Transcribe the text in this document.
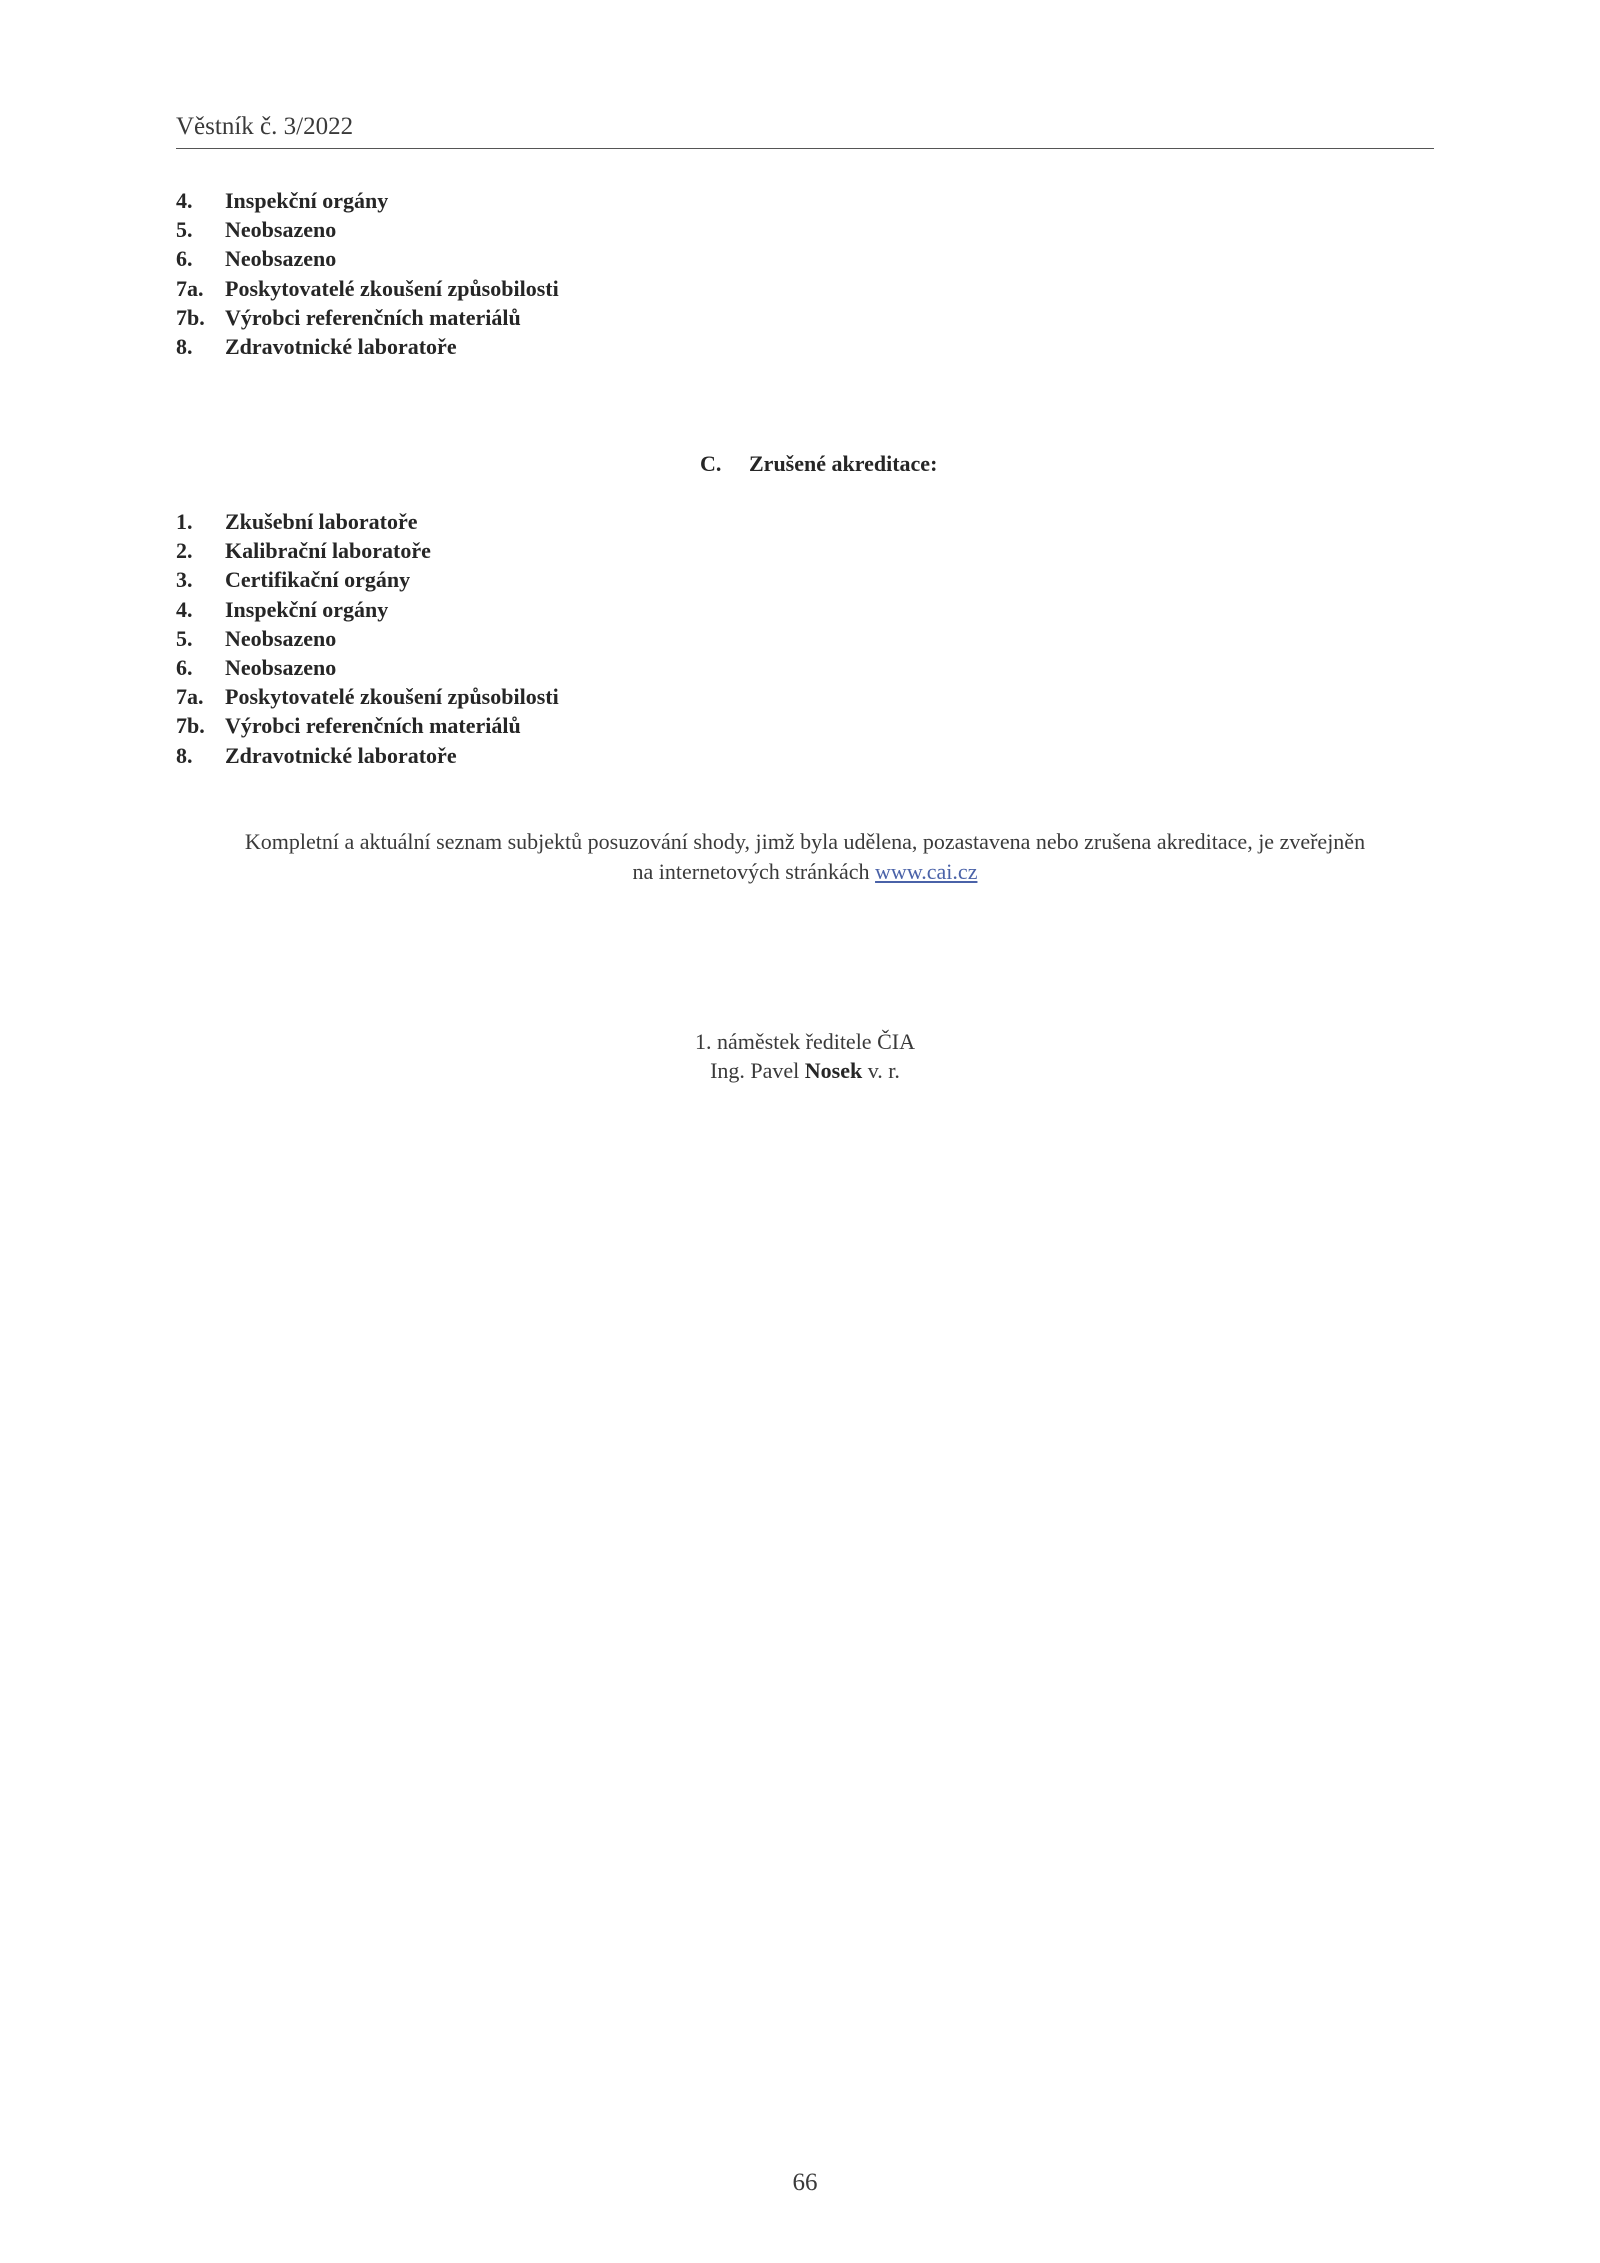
Věstník č. 3/2022
4. Inspekční orgány
5. Neobsazeno
6. Neobsazeno
7a. Poskytovatelé zkoušení způsobilosti
7b. Výrobci referenčních materiálů
8. Zdravotnické laboratoře
C. Zrušené akreditace:
1. Zkušební laboratoře
2. Kalibrační laboratoře
3. Certifikační orgány
4. Inspekční orgány
5. Neobsazeno
6. Neobsazeno
7a. Poskytovatelé zkoušení způsobilosti
7b. Výrobci referenčních materiálů
8. Zdravotnické laboratoře
Kompletní a aktuální seznam subjektů posuzování shody, jimž byla udělena, pozastavena nebo zrušena akreditace, je zveřejněn
na internetových stránkách www.cai.cz
1. náměstek ředitele ČIA
Ing. Pavel Nosek v. r.
66
